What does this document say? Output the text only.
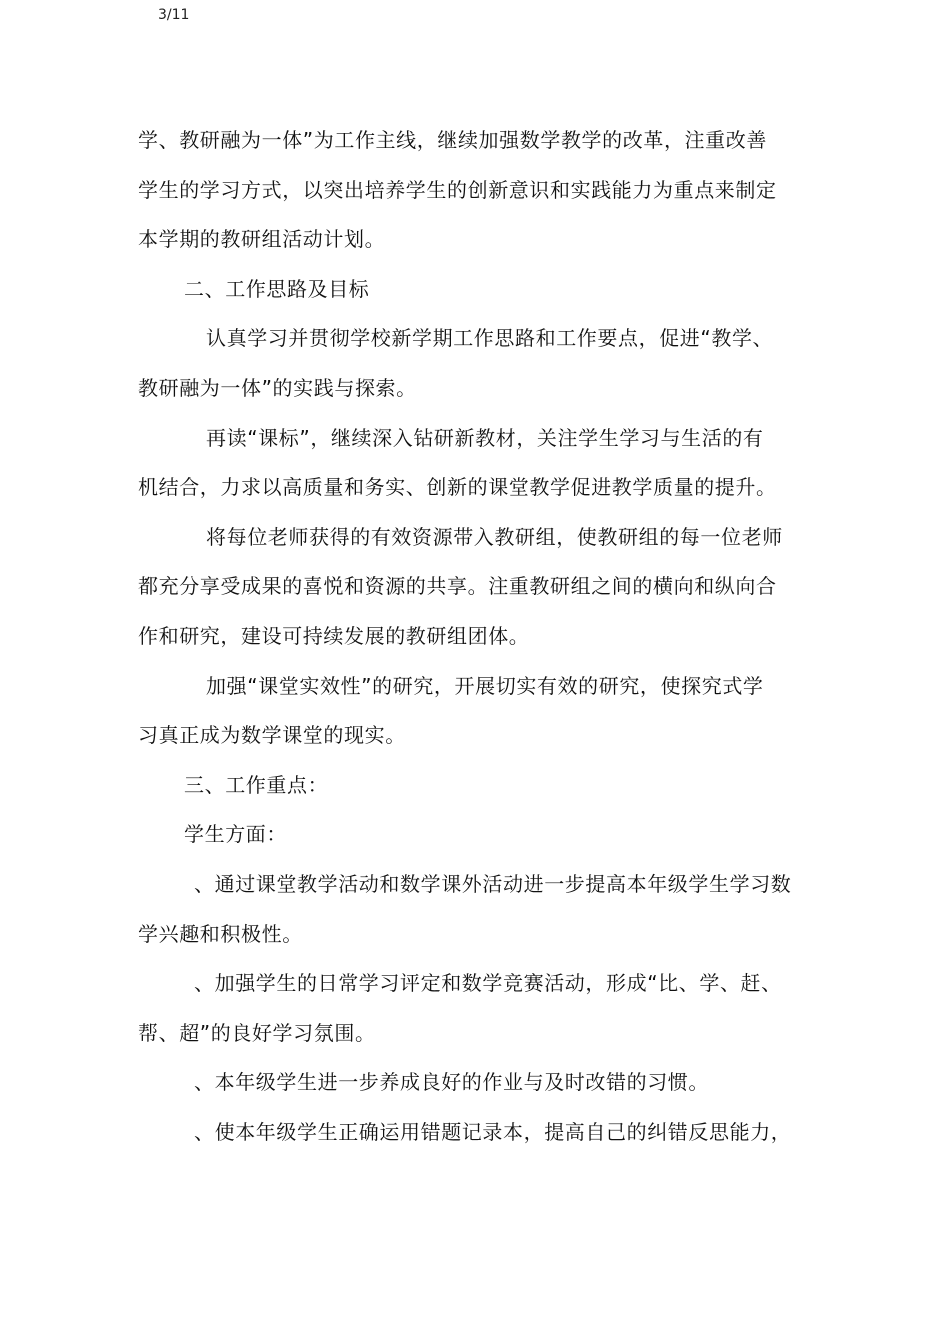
3/11
学、教研融为一体”为工作主线，继续加强数学教学的改革，注重改善
学生的学习方式，以突出培养学生的创新意识和实践能力为重点来制定
本学期的教研组活动计划。
二、工作思路及目标
认真学习并贯彻学校新学期工作思路和工作要点，促进“教学、
教研融为一体”的实践与探索。
再读“课标”，继续深入钻研新教材，关注学生学习与生活的有
机结合，力求以高质量和务实、创新的课堂教学促进教学质量的提升。
将每位老师获得的有效资源带入教研组，使教研组的每一位老师
都充分享受成果的喜悦和资源的共享。注重教研组之间的横向和纵向合
作和研究，建设可持续发展的教研组团体。
加强“课堂实效性”的研究，开展切实有效的研究，使探究式学
习真正成为数学课堂的现实。
三、工作重点：
学生方面：
、通过课堂教学活动和数学课外活动进一步提高本年级学生学习数
学兴趣和积极性。
、加强学生的日常学习评定和数学竞赛活动，形成“比、学、赶、
帮、超”的良好学习氛围。
、本年级学生进一步养成良好的作业与及时改错的习惯。
、使本年级学生正确运用错题记录本，提高自己的纠错反思能力，
